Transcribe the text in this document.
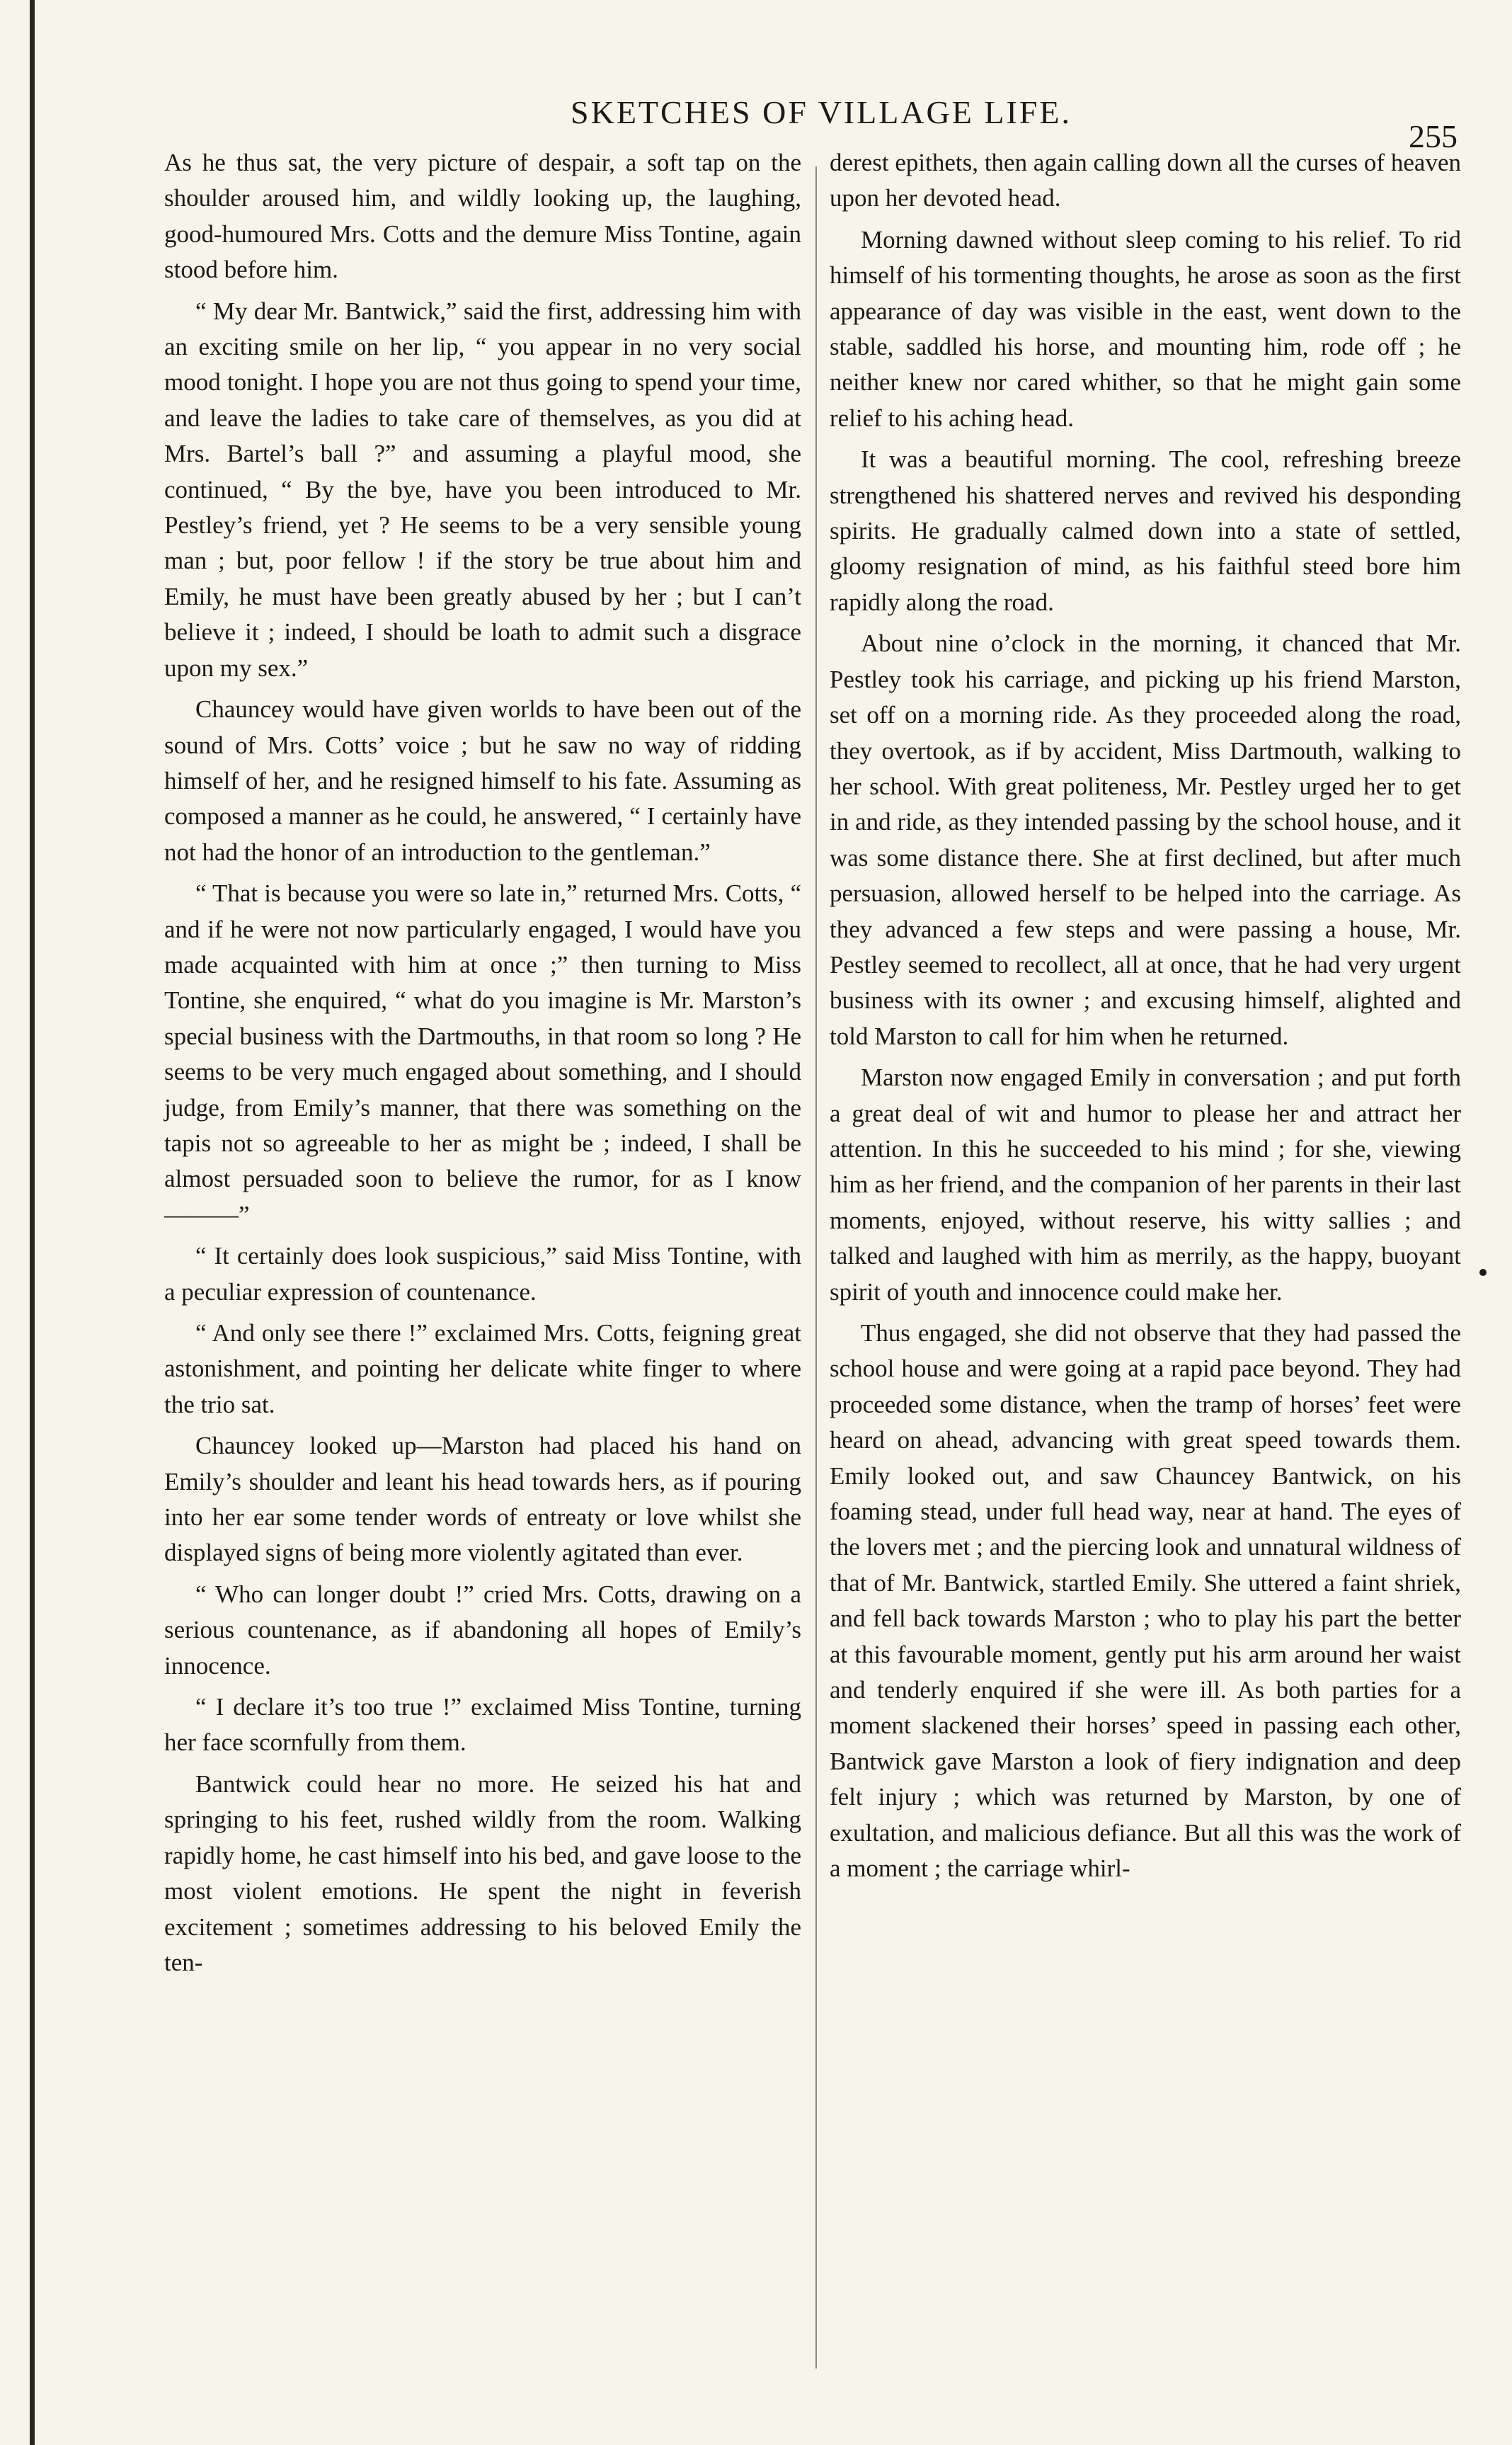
SKETCHES OF VILLAGE LIFE.
255

As he thus sat, the very picture of despair, a soft tap on the shoulder aroused him, and wildly looking up, the laughing, good-humoured Mrs. Cotts and the demure Miss Tontine, again stood before him.

“ My dear Mr. Bantwick,” said the first, addressing him with an exciting smile on her lip, “ you appear in no very social mood tonight. I hope you are not thus going to spend your time, and leave the ladies to take care of themselves, as you did at Mrs. Bartel’s ball ?” and assuming a playful mood, she continued, “ By the bye, have you been introduced to Mr. Pestley’s friend, yet ? He seems to be a very sensible young man ; but, poor fellow ! if the story be true about him and Emily, he must have been greatly abused by her ; but I can’t believe it ; indeed, I should be loath to admit such a disgrace upon my sex.”

Chauncey would have given worlds to have been out of the sound of Mrs. Cotts’ voice ; but he saw no way of ridding himself of her, and he resigned himself to his fate. Assuming as composed a manner as he could, he answered, “ I certainly have not had the honor of an introduction to the gentleman.”

“ That is because you were so late in,” returned Mrs. Cotts, “ and if he were not now particularly engaged, I would have you made acquainted with him at once ;” then turning to Miss Tontine, she enquired, “ what do you imagine is Mr. Marston’s special business with the Dartmouths, in that room so long ? He seems to be very much engaged about something, and I should judge, from Emily’s manner, that there was something on the tapis not so agreeable to her as might be ; indeed, I shall be almost persuaded soon to believe the rumor, for as I know———”

“ It certainly does look suspicious,” said Miss Tontine, with a peculiar expression of countenance.

“ And only see there !” exclaimed Mrs. Cotts, feigning great astonishment, and pointing her delicate white finger to where the trio sat.

Chauncey looked up—Marston had placed his hand on Emily’s shoulder and leant his head towards hers, as if pouring into her ear some tender words of entreaty or love whilst she displayed signs of being more violently agitated than ever.

“ Who can longer doubt !” cried Mrs. Cotts, drawing on a serious countenance, as if abandoning all hopes of Emily’s innocence.

“ I declare it’s too true !” exclaimed Miss Tontine, turning her face scornfully from them.

Bantwick could hear no more. He seized his hat and springing to his feet, rushed wildly from the room. Walking rapidly home, he cast himself into his bed, and gave loose to the most violent emotions. He spent the night in feverish excitement ; sometimes addressing to his beloved Emily the ten-

derest epithets, then again calling down all the curses of heaven upon her devoted head.

Morning dawned without sleep coming to his relief. To rid himself of his tormenting thoughts, he arose as soon as the first appearance of day was visible in the east, went down to the stable, saddled his horse, and mounting him, rode off ; he neither knew nor cared whither, so that he might gain some relief to his aching head.

It was a beautiful morning. The cool, refreshing breeze strengthened his shattered nerves and revived his desponding spirits. He gradually calmed down into a state of settled, gloomy resignation of mind, as his faithful steed bore him rapidly along the road.

About nine o’clock in the morning, it chanced that Mr. Pestley took his carriage, and picking up his friend Marston, set off on a morning ride. As they proceeded along the road, they overtook, as if by accident, Miss Dartmouth, walking to her school. With great politeness, Mr. Pestley urged her to get in and ride, as they intended passing by the school house, and it was some distance there. She at first declined, but after much persuasion, allowed herself to be helped into the carriage. As they advanced a few steps and were passing a house, Mr. Pestley seemed to recollect, all at once, that he had very urgent business with its owner ; and excusing himself, alighted and told Marston to call for him when he returned.

Marston now engaged Emily in conversation ; and put forth a great deal of wit and humor to please her and attract her attention. In this he succeeded to his mind ; for she, viewing him as her friend, and the companion of her parents in their last moments, enjoyed, without reserve, his witty sallies ; and talked and laughed with him as merrily, as the happy, buoyant spirit of youth and innocence could make her.

Thus engaged, she did not observe that they had passed the school house and were going at a rapid pace beyond. They had proceeded some distance, when the tramp of horses’ feet were heard on ahead, advancing with great speed towards them. Emily looked out, and saw Chauncey Bantwick, on his foaming stead, under full head way, near at hand. The eyes of the lovers met ; and the piercing look and unnatural wildness of that of Mr. Bantwick, startled Emily. She uttered a faint shriek, and fell back towards Marston ; who to play his part the better at this favourable moment, gently put his arm around her waist and tenderly enquired if she were ill. As both parties for a moment slackened their horses’ speed in passing each other, Bantwick gave Marston a look of fiery indignation and deep felt injury ; which was returned by Marston, by one of exultation, and malicious defiance. But all this was the work of a moment ; the carriage whirl-
